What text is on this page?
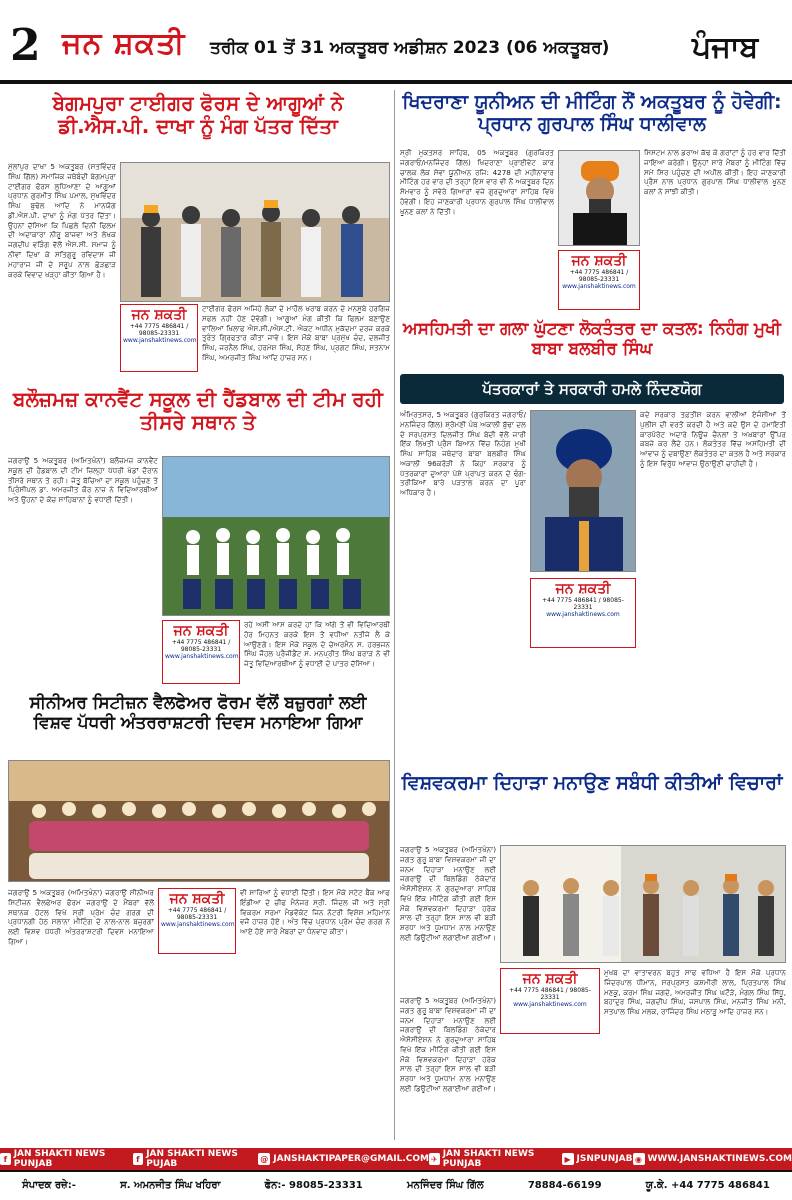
2 ਜਨ ਸ਼ਕਤੀ ਤਰੀਕ 01 ਤੋਂ 31 ਅਕਤੂਬਰ ਅਡੀਸ਼ਨ 2023 (06 ਅਕਤੂਬਰ)	ਪੰਜਾਬ
ਬੇਗਮਪੁਰਾ ਟਾਈਗਰ ਫੋਰਸ ਦੇ ਆਗੂਆਂ ਨੇ ਡੀ.ਐਸ.ਪੀ. ਦਾਖਾ ਨੂੰ ਮੰਗ ਪੱਤਰ ਦਿੱਤਾ
ਮੁੱਲਾਂਪੁਰ ਦਾਖਾ 5 ਅਕਤੂਬਰ (ਸਤਵਿੰਦਰ ਸਿੰਘ ਗਿੱਲ) ਸਮਾਜਿਕ ਜਥੇਬੰਦੀ ਬੇਗਮਪੁਰਾ ਟਾਈਗਰ ਫੋਰਸ ਲੁਧਿਆਣਾ ਦੇ ਆਗੂਆਂ ਪ੍ਰਧਾਨ ਗੁਰਮੀਤ ਸਿੰਘ ਪਮਾਲ, ਸੁਖਵਿੰਦਰ ਸਿੰਘ ਬੁਢੇਲ ਆਦਿ ਨੇ ਮਾਨਯੋਗ ਡੀ.ਐਸ.ਪੀ. ਦਾਖਾ ਨੂੰ ਮੰਗ ਪੱਤਰ ਦਿੱਤਾ। ਉਹਨਾਂ ਦੱਸਿਆ ਕਿ ਪਿਛਲੇ ਦਿਨੀਂ ਫਿਲਮ ਦੀ ਅਦਾਕਾਰਾ ਨੀਰੂ ਬਾਜਵਾ ਅਤੇ ਲੇਖਕ ਜਗਦੀਪ ਵੜਿੰਗ ਵੱਲੋਂ ਐਸ.ਸੀ. ਸਮਾਜ ਨੂੰ ਨੀਵਾਂ ਦਿਖਾ ਕੇ ਸਤਿਗੁਰੂ ਰਵਿਦਾਸ ਜੀ ਮਹਾਰਾਜ ਜੀ ਦੇ ਸਰੂਪ ਨਾਲ ਛੇੜਛਾੜ ਕਰਕੇ ਵਿਵਾਦ ਖੜ੍ਹਾ ਕੀਤਾ ਗਿਆ ਹੈ।
ਜਨ ਸ਼ਕਤੀ
+44 7775 486841 / 98085-23331
www.janshaktinews.com
ਟਾਈਗਰ ਫੋਰਸ ਅਜਿਹੇ ਲੋਕਾਂ ਦੇ ਮਾਹੌਲ ਖਰਾਬ ਕਰਨ ਦੇ ਮਨਸੂਬੇ ਹਰਗਿਜ਼ ਸਫਲ ਨਹੀਂ ਹੋਣ ਦੇਵੇਗੀ। ਆਗੂਆਂ ਮੰਗ ਕੀਤੀ ਕਿ ਫਿਲਮ ਬਣਾਉਣ ਵਾਲਿਆਂ ਖਿਲਾਫ ਐਸ.ਸੀ./ਐਸ.ਟੀ. ਐਕਟ ਅਧੀਨ ਮੁਕੱਦਮਾ ਦਰਜ ਕਰਕੇ ਤੁਰੰਤ ਗ੍ਰਿਫਤਾਰ ਕੀਤਾ ਜਾਵੇ। ਇਸ ਮੌਕੇ ਬਾਬਾ ਪ੍ਰਮੁੱਖ ਚੰਦ, ਦਲਜੀਤ ਸਿੰਘ, ਜਰਨੈਲ ਸਿੰਘ, ਹਰਮੇਸ਼ ਸਿੰਘ, ਸੋਹਣ ਸਿੰਘ, ਪ੍ਰਗਟ ਸਿੰਘ, ਸਤਨਾਮ ਸਿੰਘ, ਅਮਰਜੀਤ ਸਿੰਘ ਆਦਿ ਹਾਜ਼ਰ ਸਨ।
ਖਿਦਰਾਣਾ ਯੂਨੀਅਨ ਦੀ ਮੀਟਿੰਗ ਨੌਂ ਅਕਤੂਬਰ ਨੂੰ ਹੋਵੇਗੀ: ਪ੍ਰਧਾਨ ਗੁਰਪਾਲ ਸਿੰਘ ਧਾਲੀਵਾਲ
ਸ੍ਰੀ ਮੁਕਤਸਰ ਸਾਹਿਬ, 05 ਅਕਤੂਬਰ (ਗੁਰਕਿਰਤ ਜਗਰਾਓਂ/ਮਨਜਿੰਦਰ ਗਿੱਲ) ਖਿਦਰਾਣਾ ਪ੍ਰਾਈਵੇਟ ਕਾਰ ਚਾਲਕ ਲੋਕ ਸੇਵਾ ਯੂਨੀਅਨ ਰਜਿ: 4278 ਦੀ ਮਹੀਨਾਵਾਰ ਮੀਟਿੰਗ ਹਰ ਵਾਰ ਦੀ ਤਰ੍ਹਾਂ ਇਸ ਵਾਰ ਵੀ ਨੌਂ ਅਕਤੂਬਰ ਦਿਨ ਸੋਮਵਾਰ ਨੂੰ ਸਵੇਰੇ ਗਿਆਰਾਂ ਵਜੇ ਗੁਰਦੁਆਰਾ ਸਾਹਿਬ ਵਿਖੇ ਹੋਵੇਗੀ। ਇਹ ਜਾਣਕਾਰੀ ਪ੍ਰਧਾਨ ਗੁਰਪਾਲ ਸਿੰਘ ਧਾਲੀਵਾਲ ਖੂਨਣ ਕਲਾਂ ਨੇ ਦਿੱਤੀ।
ਜਨ ਸ਼ਕਤੀ
+44 7775 486841 / 98085-23331
www.janshaktinews.com
ਸਿਸਟਮ ਨਾਲ ਡਰਾਅ ਕੱਢ ਕੇ ਗਰਾਂਟਾਂ ਨੂੰ ਹਰ ਵਾਰ ਦਿੱਤੀ ਜਾਇਆ ਕਰੇਗੀ। ਉਨ੍ਹਾਂ ਸਾਰੇ ਮੈਂਬਰਾਂ ਨੂੰ ਮੀਟਿੰਗ ਵਿੱਚ ਸਮੇਂ ਸਿਰ ਪਹੁੰਚਣ ਦੀ ਅਪੀਲ ਕੀਤੀ। ਇਹ ਜਾਣਕਾਰੀ ਪ੍ਰੈਸ ਨਾਲ ਪ੍ਰਧਾਨ ਗੁਰਪਾਲ ਸਿੰਘ ਧਾਲੀਵਾਲ ਖੂਨਣ ਕਲਾਂ ਨੇ ਸਾਂਝੀ ਕੀਤੀ।
ਬਲੌਜ਼ਮਜ਼ ਕਾਨਵੈਂਟ ਸਕੂਲ ਦੀ ਹੈਂਡਬਾਲ ਦੀ ਟੀਮ ਰਹੀ ਤੀਸਰੇ ਸਥਾਨ ਤੇ
ਜਗਰਾਉਂ 5 ਅਕਤੂਬਰ (ਅਮਿਤਖੰਨਾ) ਬਲੌਜ਼ਮਜ਼ ਕਾਨਵੈਂਟ ਸਕੂਲ ਦੀ ਹੈਂਡਬਾਲ ਦੀ ਟੀਮ ਜ਼ਿਲ੍ਹਾ ਪੱਧਰੀ ਖੇਡਾਂ ਦੌਰਾਨ ਤੀਸਰੇ ਸਥਾਨ ਤੇ ਰਹੀ। ਜੇਤੂ ਬੱਚਿਆਂ ਦਾ ਸਕੂਲ ਪਹੁੰਚਣ ਤੇ ਪ੍ਰਿੰਸੀਪਲ ਡਾ. ਅਮਰਜੀਤ ਕੌਰ ਨਾਜ਼ ਨੇ ਵਿਦਿਆਰਥੀਆਂ ਅਤੇ ਉਹਨਾਂ ਦੇ ਕੋਚ ਸਾਹਿਬਾਨਾਂ ਨੂੰ ਵਧਾਈ ਦਿੱਤੀ।
ਜਨ ਸ਼ਕਤੀ
+44 7775 486841 / 98085-23331
www.janshaktinews.com
ਰਹੇ ਅਸੀਂ ਆਸ ਕਰਦੇ ਹਾਂ ਕਿ ਅੱਗੇ ਤੋਂ ਵੀ ਵਿਦਿਆਰਥੀ ਹੋਰ ਮਿਹਨਤ ਕਰਕੇ ਇਸ ਤੋਂ ਵਧੀਆ ਨਤੀਜੇ ਲੈ ਕੇ ਆਉਣਗੇ। ਇਸ ਮੌਕੇ ਸਕੂਲ ਦੇ ਚੇਅਰਮੈਨ ਸ. ਹਰਭਜਨ ਸਿੰਘ ਜੌਹਲ ਪ੍ਰੈਜੀਡੈਂਟ ਸ. ਮਨਪ੍ਰੀਤ ਸਿੰਘ ਬਰਾੜ ਨੇ ਵੀ ਜੇਤੂ ਵਿਦਿਆਰਥੀਆਂ ਨੂੰ ਵਧਾਈ ਦੇ ਪਾਤਰ ਦੱਸਿਆ।
ਸੀਨੀਅਰ ਸਿਟੀਜ਼ਨ ਵੈਲਫੇਅਰ ਫੋਰਮ ਵੱਲੋਂ ਬਜ਼ੁਰਗਾਂ ਲਈ ਵਿਸ਼ਵ ਪੱਧਰੀ ਅੰਤਰਰਾਸ਼ਟਰੀ ਦਿਵਸ ਮਨਾਇਆ ਗਿਆ
ਜਗਰਾਉਂ 5 ਅਕਤੂਬਰ (ਅਮਿਤਖੰਨਾ) ਜਗਰਾਉਂ ਸੀਨੀਅਰ ਸਿਟੀਜ਼ਨ ਵੈਲਫੇਅਰ ਫੋਰਮ ਜਗਰਾਉਂ ਦੇ ਮੈਂਬਰਾਂ ਵੱਲੋਂ ਸਥਾਨਕ ਹੋਟਲ ਵਿਖੇ ਸ੍ਰੀ ਪ੍ਰੇਮ ਚੰਦ ਗਰਗ ਦੀ ਪ੍ਰਧਾਨਗੀ ਹੇਠ ਸਲਾਨਾ ਮੀਟਿੰਗ ਦੇ ਨਾਲ-ਨਾਲ ਬਜ਼ੁਰਗਾਂ ਲਈ ਵਿਸ਼ਵ ਪੱਧਰੀ ਅੰਤਰਰਾਸ਼ਟਰੀ ਦਿਵਸ ਮਨਾਇਆ ਗਿਆ।
ਜਨ ਸ਼ਕਤੀ
+44 7775 486841 / 98085-23331
www.janshaktinews.com
ਵੀ ਸਾਰਿਆਂ ਨੂੰ ਵਧਾਈ ਦਿੱਤੀ। ਇਸ ਮੌਕੇ ਸਟੇਟ ਬੈਂਕ ਆਫ ਇੰਡੀਆ ਦੇ ਚੀਫ ਮੈਨੇਜਰ ਸ੍ਰੀ. ਜਿੰਦਲ ਜੀ ਅਤੇ ਸ੍ਰੀ ਵਿਕਰਮ ਸਰਮਾ ਮੈਡਵੋਕੇਟ ਜਿਨ ਨੋਟਰੀ ਵਿਸ਼ੇਸ਼ ਮਹਿਮਾਨ ਵਜੋਂ ਹਾਜ਼ਰ ਹੋਏ। ਅੰਤ ਵਿੱਚ ਪ੍ਰਧਾਨ ਪ੍ਰੇਮ ਚੰਦ ਗਰਗ ਨੇ ਆਏ ਹੋਏ ਸਾਰੇ ਮੈਂਬਰਾਂ ਦਾ ਧੰਨਵਾਦ ਕੀਤਾ।
ਅਸਹਿਮਤੀ ਦਾ ਗਲਾ ਘੁੱਟਣਾ ਲੋਕਤੰਤਰ ਦਾ ਕਤਲ: ਨਿਹੰਗ ਮੁਖੀ ਬਾਬਾ ਬਲਬੀਰ ਸਿੰਘ
ਪੱਤਰਕਾਰਾਂ ਤੇ ਸਰਕਾਰੀ ਹਮਲੇ ਨਿੰਦਣਯੋਗ
ਅੰਮ੍ਰਿਤਸਰ, 5 ਅਕਤੂਬਰ (ਗੁਰਕਿਰਤ ਜਗਰਾਓ/ਮਨਜਿੰਦਰ ਗਿੱਲ) ਸ਼੍ਰੋਮਣੀ ਪੰਥ ਅਕਾਲੀ ਬੁੱਢਾ ਦਲ ਦੇ ਸਰਪ੍ਰਸਤ ਦਿਲਜੀਤ ਸਿੰਘ ਬੇਦੀ ਵੱਲੋਂ ਜਾਰੀ ਇੱਕ ਲਿਖਤੀ ਪ੍ਰੈਸ ਬਿਆਨ ਵਿੱਚ ਨਿਹੰਗ ਮੁਖੀ ਸਿੰਘ ਸਾਹਿਬ ਜਥੇਦਾਰ ਬਾਬਾ ਬਲਬੀਰ ਸਿੰਘ ਅਕਾਲੀ 96ਕਰੋੜੀ ਨੇ ਕਿਹਾ ਸਰਕਾਰ ਨੂੰ ਪੱਤਰਕਾਰਾਂ ਦੁਆਰਾ ਪੇਸ਼ੇ ਪ੍ਰਾਪਤ ਕਰਨ ਦੇ ਢੰਗ-ਤਰੀਕਿਆਂ ਬਾਰੇ ਪੜਤਾਲ ਕਰਨ ਦਾ ਪੂਰਾ ਅਧਿਕਾਰ ਹੈ।
ਜਨ ਸ਼ਕਤੀ
+44 7775 486841 / 98085-23331
www.janshaktinews.com
ਕਦੇ ਸਰਕਾਰ ਤਫ਼ਤੀਸ਼ ਕਰਨ ਵਾਲੀਆਂ ਏਜੰਸੀਆਂ ਤੋਂ ਪੁਲੀਸ ਦੀ ਵਰਤੋਂ ਕਰਦੀ ਹੈ ਅਤੇ ਕਦੇ ਉਸ ਦੇ ਹਮਾਇਤੀ ਕਾਰਪੋਰੇਟ ਅਦਾਰੇ ਨਿਊਜ਼ ਚੈਨਲਾਂ ਤੇ ਅਖ਼ਬਾਰਾਂ ਉੱਪਰ ਕਬਜ਼ੇ ਕਰ ਲੈਂਦੇ ਹਨ। ਲੋਕਤੰਤਰ ਵਿੱਚ ਅਸਹਿਮਤੀ ਦੀ ਆਵਾਜ਼ ਨੂੰ ਦਬਾਉਣਾ ਲੋਕਤੰਤਰ ਦਾ ਕਤਲ ਹੈ ਅਤੇ ਸਰਕਾਰ ਨੂੰ ਇਸ ਵਿਰੁੱਧ ਆਵਾਜ਼ ਉਠਾਉਣੀ ਚਾਹੀਦੀ ਹੈ।
ਵਿਸ਼ਵਕਰਮਾ ਦਿਹਾੜਾ ਮਨਾਉਣ ਸਬੰਧੀ ਕੀਤੀਆਂ ਵਿਚਾਰਾਂ
ਜਗਰਾਉਂ 5 ਅਕਤੂਬਰ (ਅਮਿਤਖੰਨਾ) ਜਗਤ ਗੁਰੂ ਬਾਬਾ ਵਿਸ਼ਵਕਰਮਾ ਜੀ ਦਾ ਜਨਮ ਦਿਹਾੜਾ ਮਨਾਉਣ ਲਈ ਜਗਰਾਉਂ ਦੀ ਬਿਲਡਿੰਗ ਠੇਕੇਦਾਰ ਐਸੋਸੀਏਸ਼ਨ ਨੇ ਗੁਰਦੁਆਰਾ ਸਾਹਿਬ ਵਿਖੇ ਇੱਕ ਮੀਟਿੰਗ ਕੀਤੀ ਗਈ ਇਸ ਮੌਕੇ ਵਿਸ਼ਵਕਰਮਾ ਦਿਹਾੜਾ ਹਰੇਕ ਸਾਲ ਦੀ ਤਰ੍ਹਾਂ ਇਸ ਸਾਲ ਵੀ ਬੜੀ ਸ਼ਰਧਾ ਅਤੇ ਧੂਮਧਾਮ ਨਾਲ ਮਨਾਉਣ ਲਈ ਡਿਊਟੀਆਂ ਲਗਾਈਆਂ ਗਈਆਂ।
ਜਨ ਸ਼ਕਤੀ
+44 7775 486841 / 98085-23331
www.janshaktinews.com
ਮੁਖਬ ਦਾ ਵਾਤਾਵਰਨ ਬਹੁਤ ਸਾਫ ਵਧਿਆ ਹੈ ਇਸ ਮੌਕੇ ਪ੍ਰਧਾਨ ਜਿੰਦਰਪਾਲ ਧੀਮਾਨ, ਸਰਪ੍ਰਸਤ ਕਸ਼ਮੀਰੀ ਲਾਲ, ਪ੍ਰਿਤਪਾਲ ਸਿੰਘ ਮਣਕੂ, ਕਰਮ ਸਿੰਘ ਜਗਦੇ, ਅਮਰਜੀਤ ਸਿੰਘ ਘਟੌੜੇ, ਮੰਗਲ ਸਿੰਘ ਸਿੱਧੂ, ਬਹਾਦੁਰ ਸਿੰਘ, ਜਗਦੀਪ ਸਿੰਘ, ਜਸਪਾਲ ਸਿੰਘ, ਮਨਜੀਤ ਸਿੰਘ ਮਨੀ, ਸਤਪਾਲ ਸਿੰਘ ਮਲਕ, ਰਾਜਿੰਦਰ ਸਿੰਘ ਮਠਾੜੂ ਆਦਿ ਹਾਜ਼ਰ ਸਨ।
ਜਗਰਾਉਂ 5 ਅਕਤੂਬਰ (ਅਮਿਤਖੰਨਾ) ਜਗਤ ਗੁਰੂ ਬਾਬਾ ਵਿਸ਼ਵਕਰਮਾ ਜੀ ਦਾ ਜਨਮ ਦਿਹਾੜਾ ਮਨਾਉਣ ਲਈ ਜਗਰਾਉਂ ਦੀ ਬਿਲਡਿੰਗ ਠੇਕੇਦਾਰ ਐਸੋਸੀਏਸ਼ਨ ਨੇ ਗੁਰਦੁਆਰਾ ਸਾਹਿਬ ਵਿਖੇ ਇੱਕ ਮੀਟਿੰਗ ਕੀਤੀ ਗਈ ਇਸ ਮੌਕੇ ਵਿਸ਼ਵਕਰਮਾ ਦਿਹਾੜਾ ਹਰੇਕ ਸਾਲ ਦੀ ਤਰ੍ਹਾਂ ਇਸ ਸਾਲ ਵੀ ਬੜੀ ਸ਼ਰਧਾ ਅਤੇ ਧੂਮਧਾਮ ਨਾਲ ਮਨਾਉਣ ਲਈ ਡਿਊਟੀਆਂ ਲਗਾਈਆਂ ਗਈਆਂ।
f JAN SHAKTI NEWS PUNJAB	f JAN SHAKTI NEWS PUJAB	@ JANSHAKTIPAPER@GMAIL.COM ✈ JAN SHAKTI NEWS PUNJAB	▶ JSNPUNJAB ◉ WWW.JANSHAKTINEWS.COM
ਸੰਪਾਦਕ ਰਜ਼ੇ:-	ਸ. ਅਮਨਜੀਤ ਸਿੰਘ ਖਹਿਰਾ	ਫੋਨ:- 98085-23331	ਮਨਜਿੰਦਰ ਸਿੰਘ ਗਿੱਲ	78884-66199	ਯੂ.ਕੇ. +44 7775 486841
